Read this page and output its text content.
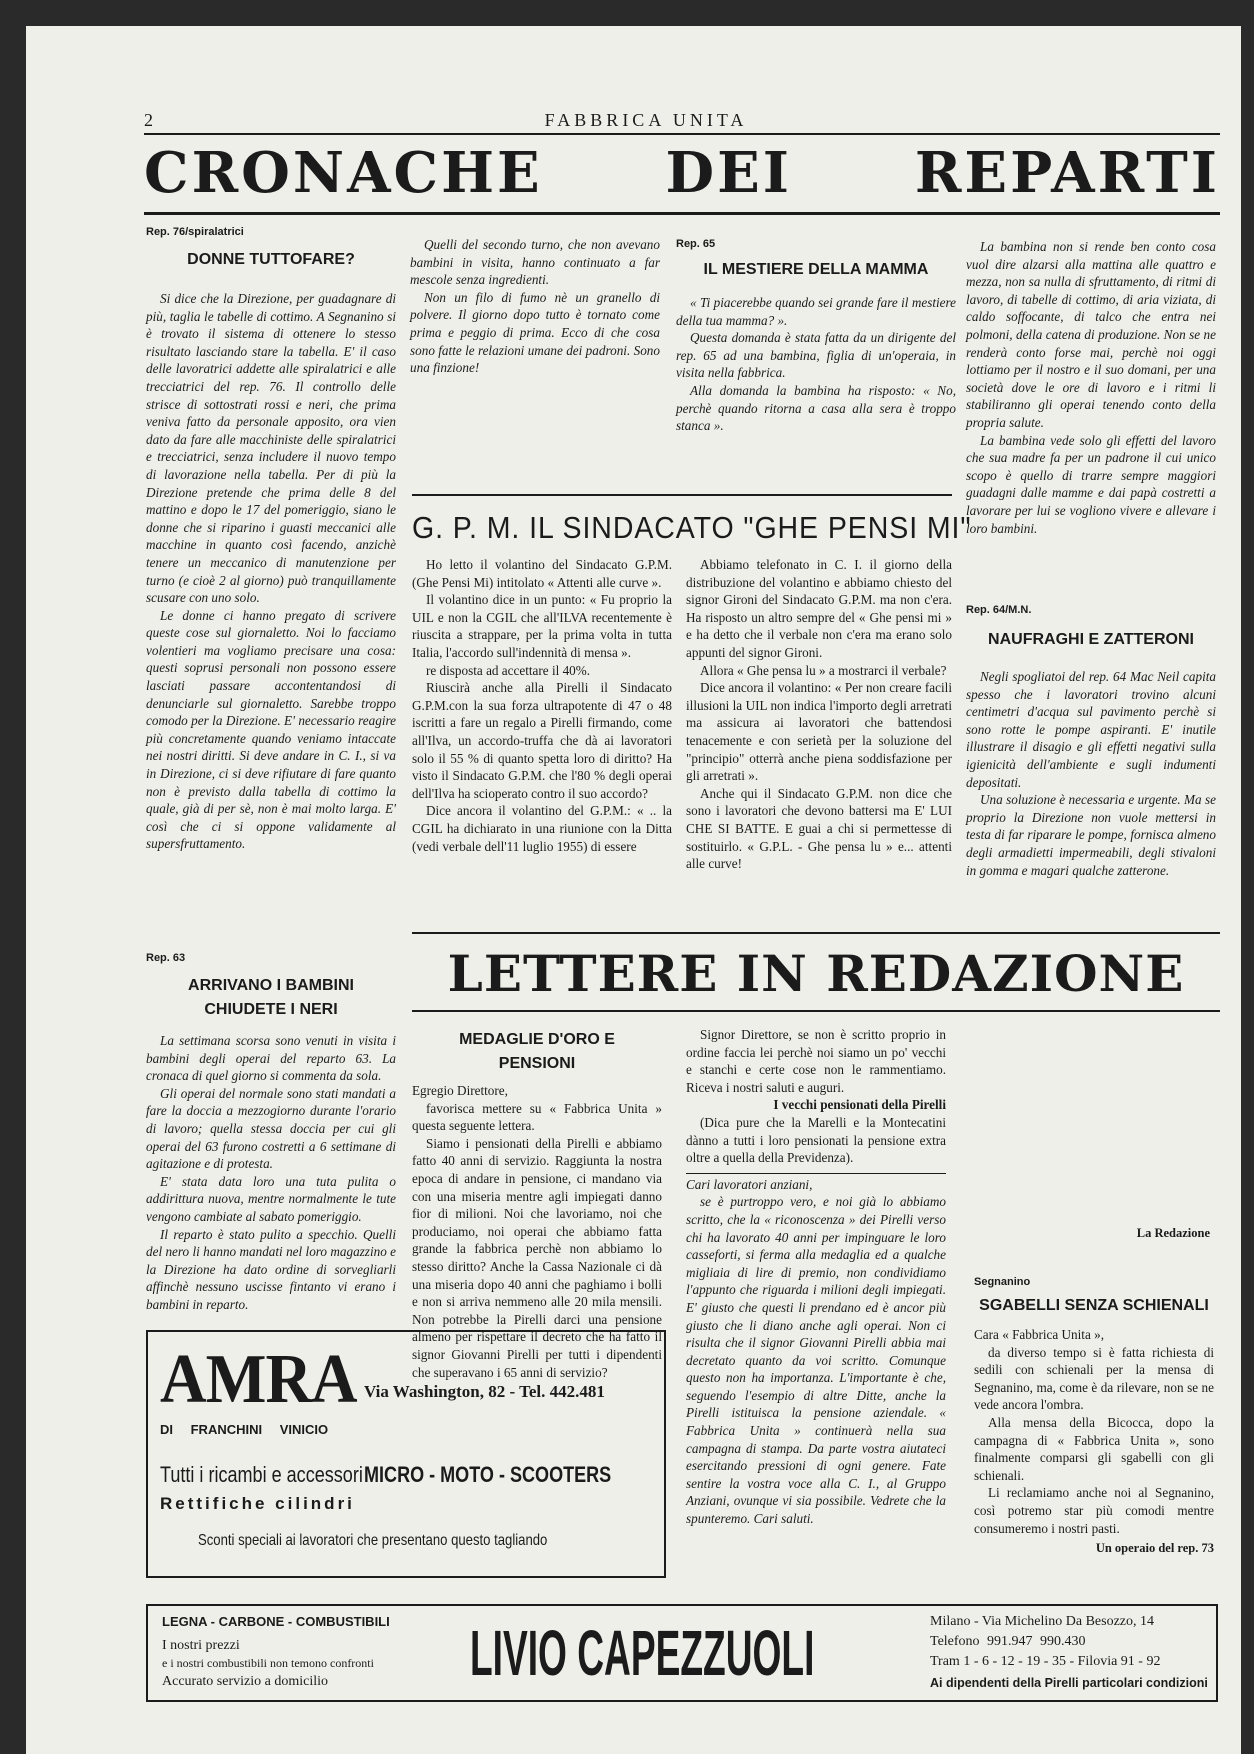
2	FABBRICA UNITA
CRONACHE DEI REPARTI
Rep. 76/spiralatrici
DONNE TUTTOFARE?

Si dice che la Direzione, per guadagnare di più, taglia le tabelle di cottimo. A Segnanino si è trovato il sistema di ottenere lo stesso risultato lasciando stare la tabella. E' il caso delle lavoratrici addette alle spiralatrici e alle trecciatrici del rep. 76. Il controllo delle strisce di sottostrati rossi e neri, che prima veniva fatto da personale apposito, ora vien dato da fare alle macchiniste delle spiralatrici e trecciatrici, senza includere il nuovo tempo di lavorazione nella tabella. Per di più la Direzione pretende che prima delle 8 del mattino e dopo le 17 del pomeriggio, siano le donne che si riparino i guasti meccanici alle macchine in quanto così facendo, anzichè tenere un meccanico di manutenzione per turno (e cioè 2 al giorno) può tranquillamente scusare con uno solo.

Le donne ci hanno pregato di scrivere queste cose sul giornaletto. Noi lo facciamo volentieri ma vogliamo precisare una cosa: questi soprusi personali non possono essere lasciati passare accontentandosi di denunciarle sul giornaletto. Sarebbe troppo comodo per la Direzione. E' necessario reagire più concretamente quando veniamo intaccate nei nostri diritti. Si deve andare in C. I., si va in Direzione, ci si deve rifiutare di fare quanto non è previsto dalla tabella di cottimo la quale, già di per sè, non è mai molto larga. E' così che ci si oppone validamente al supersfruttamento.

Rep. 63
ARRIVANO I BAMBINI
CHIUDETE I NERI

La settimana scorsa sono venuti in visita i bambini degli operai del reparto 63. La cronaca di quel giorno si commenta da sola.

Gli operai del normale sono stati mandati a fare la doccia a mezzogiorno durante l'orario di lavoro; quella stessa doccia per cui gli operai del 63 furono costretti a 6 settimane di agitazione e di protesta.

E' stata data loro una tuta pulita o addirittura nuova, mentre normalmente le tute vengono cambiate al sabato pomeriggio.

Il reparto è stato pulito a specchio. Quelli del nero li hanno mandati nel loro magazzino e la Direzione ha dato ordine di sorvegliarli affinchè nessuno uscisse fintanto vi erano i bambini in reparto.

Quelli del secondo turno, che non avevano bambini in visita, hanno continuato a far mescole senza ingredienti.

Non un filo di fumo nè un granello di polvere. Il giorno dopo tutto è tornato come prima e peggio di prima. Ecco di che cosa sono fatte le relazioni umane dei padroni. Sono una finzione!

Rep. 65
IL MESTIERE DELLA MAMMA

« Ti piacerebbe quando sei grande fare il mestiere della tua mamma? ».

Questa domanda è stata fatta da un dirigente del rep. 65 ad una bambina, figlia di un'operaia, in visita nella fabbrica.

Alla domanda la bambina ha risposto: « No, perchè quando ritorna a casa alla sera è troppo stanca ».

La bambina non si rende ben conto cosa vuol dire alzarsi alla mattina alle quattro e mezza, non sa nulla di sfruttamento, di ritmi di lavoro, di tabelle di cottimo, di aria viziata, di caldo soffocante, di talco che entra nei polmoni, della catena di produzione. Non se ne renderà conto forse mai, perchè noi oggi lottiamo per il nostro e il suo domani, per una società dove le ore di lavoro e i ritmi li stabiliranno gli operai tenendo conto della propria salute.

La bambina vede solo gli effetti del lavoro che sua madre fa per un padrone il cui unico scopo è quello di trarre sempre maggiori guadagni dalle mamme e dai papà costretti a lavorare per lui se vogliono vivere e allevare i loro bambini.

G. P. M. IL SINDACATO "GHE PENSI MI"

Ho letto il volantino del Sindacato G.P.M. (Ghe Pensi Mi) intitolato « Attenti alle curve ».

Il volantino dice in un punto: « Fu proprio la UIL e non la CGIL che all'ILVA recentemente è riuscita a strappare, per la prima volta in tutta Italia, l'accordo sull'indennità di mensa ».

re disposta ad accettare il 40%.

Riuscirà anche alla Pirelli il Sindacato G.P.M.con la sua forza ultrapotente di 47 o 48 iscritti a fare un regalo a Pirelli firmando, come all'Ilva, un accordo-truffa che dà ai lavoratori solo il 55 % di quanto spetta loro di diritto? Ha visto il Sindacato G.P.M. che l'80 % degli operai dell'Ilva ha scioperato contro il suo accordo?

Dice ancora il volantino del G.P.M.: « .. la CGIL ha dichiarato in una riunione con la Ditta (vedi verbale dell'11 luglio 1955) di essere

Abbiamo telefonato in C. I. il giorno della distribuzione del volantino e abbiamo chiesto del signor Gironi del Sindacato G.P.M. ma non c'era. Ha risposto un altro sempre del « Ghe pensi mi » e ha detto che il verbale non c'era ma erano solo appunti del signor Gironi.

Allora « Ghe pensa lu » a mostrarci il verbale?

Dice ancora il volantino: « Per non creare facili illusioni la UIL non indica l'importo degli arretrati ma assicura ai lavoratori che battendosi tenacemente e con serietà per la soluzione del "principio" otterrà anche piena soddisfazione per gli arretrati ».

Anche qui il Sindacato G.P.M. non dice che sono i lavoratori che devono battersi ma E' LUI CHE SI BATTE. E guai a chi si permettesse di sostituirlo. « G.P.L. - Ghe pensa lu » e... attenti alle curve!

Rep. 64/M.N.
NAUFRAGHI E ZATTERONI

Negli spogliatoi del rep. 64 Mac Neil capita spesso che i lavoratori trovino alcuni centimetri d'acqua sul pavimento perchè si sono rotte le pompe aspiranti. E' inutile illustrare il disagio e gli effetti negativi sulla igienicità dell'ambiente e sugli indumenti depositati.

Una soluzione è necessaria e urgente. Ma se proprio la Direzione non vuole mettersi in testa di far riparare le pompe, fornisca almeno degli armadietti impermeabili, degli stivaloni in gomma e magari qualche zatterone.

LETTERE IN REDAZIONE
MEDAGLIE D'ORO E
PENSIONI
Egregio Direttore,

favorisca mettere su « Fabbrica Unita » questa seguente lettera.

Siamo i pensionati della Pirelli e abbiamo fatto 40 anni di servizio. Raggiunta la nostra epoca di andare in pensione, ci mandano via con una miseria mentre agli impiegati danno fior di milioni. Noi che lavoriamo, noi che produciamo, noi operai che abbiamo fatta grande la fabbrica perchè non abbiamo lo stesso diritto? Anche la Cassa Nazionale ci dà una miseria dopo 40 anni che paghiamo i bolli e non si arriva nemmeno alle 20 mila mensili. Non potrebbe la Pirelli darci una pensione almeno per rispettare il decreto che ha fatto il signor Giovanni Pirelli per tutti i dipendenti che superavano i 65 anni di servizio?

Signor Direttore, se non è scritto proprio in ordine faccia lei perchè noi siamo un po' vecchi e stanchi e certe cose non le rammentiamo. Riceva i nostri saluti e auguri.

I vecchi pensionati della Pirelli

(Dica pure che la Marelli e la Montecatini dànno a tutti i loro pensionati la pensione extra oltre a quella della Previdenza).

Cari lavoratori anziani,

se è purtroppo vero, e noi già lo abbiamo scritto, che la « riconoscenza » dei Pirelli verso chi ha lavorato 40 anni per impinguare le loro casseforti, si ferma alla medaglia ed a qualche migliaia di lire di premio, non condividiamo l'appunto che riguarda i milioni degli impiegati. E' giusto che questi li prendano ed è ancor più giusto che li diano anche agli operai. Non ci risulta che il signor Giovanni Pirelli abbia mai decretato quanto da voi scritto. Comunque questo non ha importanza. L'importante è che, seguendo l'esempio di altre Ditte, anche la Pirelli istituisca la pensione aziendale. « Fabbrica Unita » continuerà nella sua campagna di stampa. Da parte vostra aiutateci esercitando pressioni di ogni genere. Fate sentire la vostra voce alla C. I., al Gruppo Anziani, ovunque vi sia possibile. Vedrete che la spunteremo. Cari saluti.

La Redazione
Segnanino
SGABELLI SENZA SCHIENALI
Cara « Fabbrica Unita »,

da diverso tempo si è fatta richiesta di sedili con schienali per la mensa di Segnanino, ma, come è da rilevare, non se ne vede ancora l'ombra.

Alla mensa della Bicocca, dopo la campagna di « Fabbrica Unita », sono finalmente comparsi gli sgabelli con gli schienali.

Li reclamiamo anche noi al Segnanino, così potremo star più comodi mentre consumeremo i nostri pasti.

Un operaio del rep. 73
AMRA
DI FRANCHINI VINICIO
Via Washington, 82 - Tel. 442.481
Tutti i ricambi e accessori MICRO - MOTO - SCOOTERS
Rettifiche cilindri
Sconti speciali ai lavoratori che presentano questo tagliando
LEGNA - CARBONE - COMBUSTIBILI
I nostri prezzi
e i nostri combustibili non temono confronti
Accurato servizio a domicilio LIVIO CAPEZZUOLI	Milano - Via Michelino Da Besozzo, 14
Telefono 991.947 990.430
Tram 1 - 6 - 12 - 19 - 35 - Filovia 91 - 92
Ai dipendenti della Pirelli particolari condizioni
